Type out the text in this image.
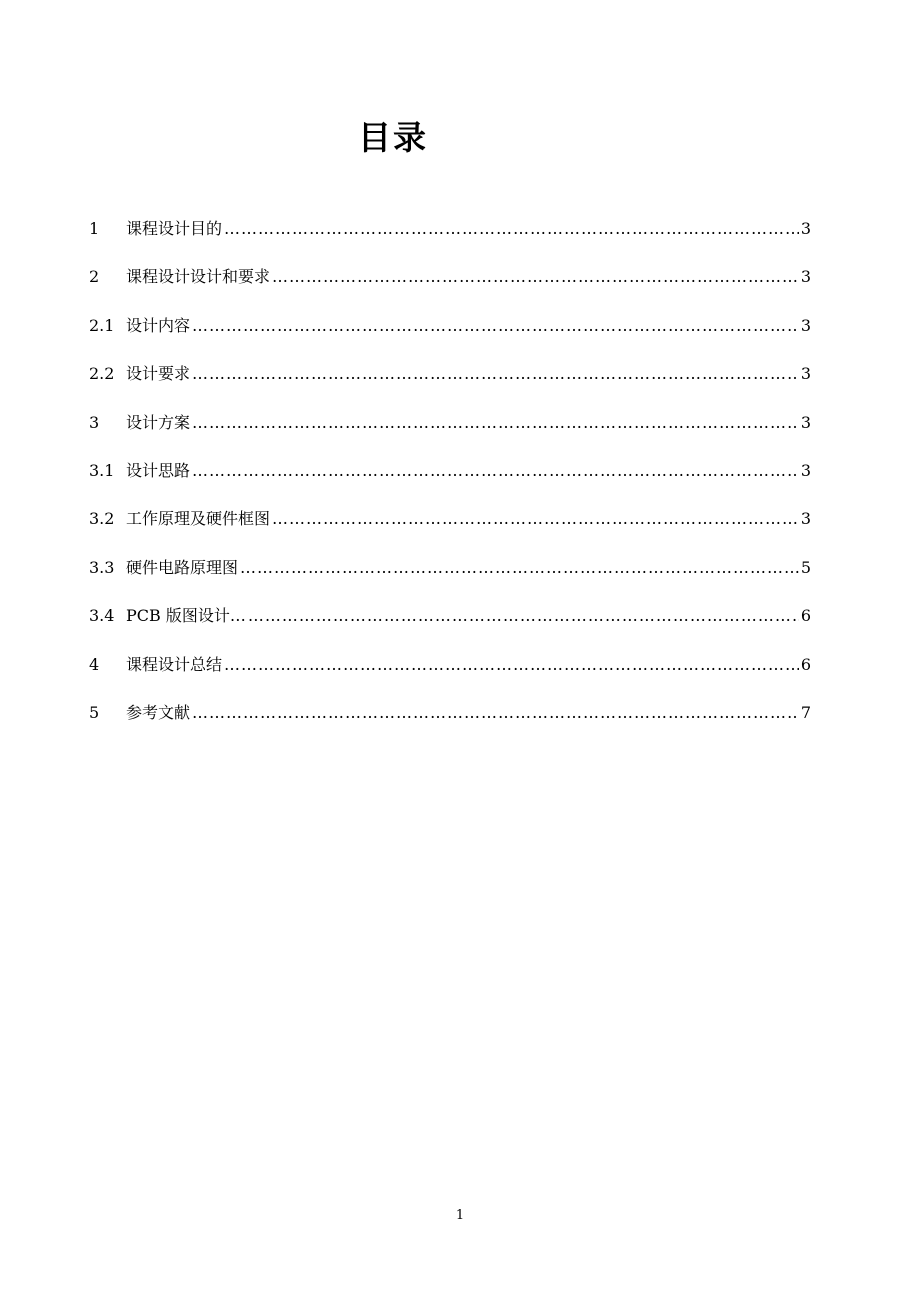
目录
1	课程设计目的 ……………………………………………………………………………………………………………………………………………………………………	3
2	课程设计设计和要求 ……………………………………………………………………………………………………………………………………………………………………	3
2.1 设计内容 ……………………………………………………………………………………………………………………………………………………………………	3
2.2 设计要求 ……………………………………………………………………………………………………………………………………………………………………	3
3	设计方案 ……………………………………………………………………………………………………………………………………………………………………	3
3.1 设计思路 ……………………………………………………………………………………………………………………………………………………………………	3
3.2 工作原理及硬件框图 ……………………………………………………………………………………………………………………………………………………………………	3
3.3 硬件电路原理图 ……………………………………………………………………………………………………………………………………………………………………	5
3.4 PCB 版图设计… ……………………………………………………………………………………………………………………………………………………………………	6
4	课程设计总结 ……………………………………………………………………………………………………………………………………………………………………	6
5	参考文献 ……………………………………………………………………………………………………………………………………………………………………	7
1
